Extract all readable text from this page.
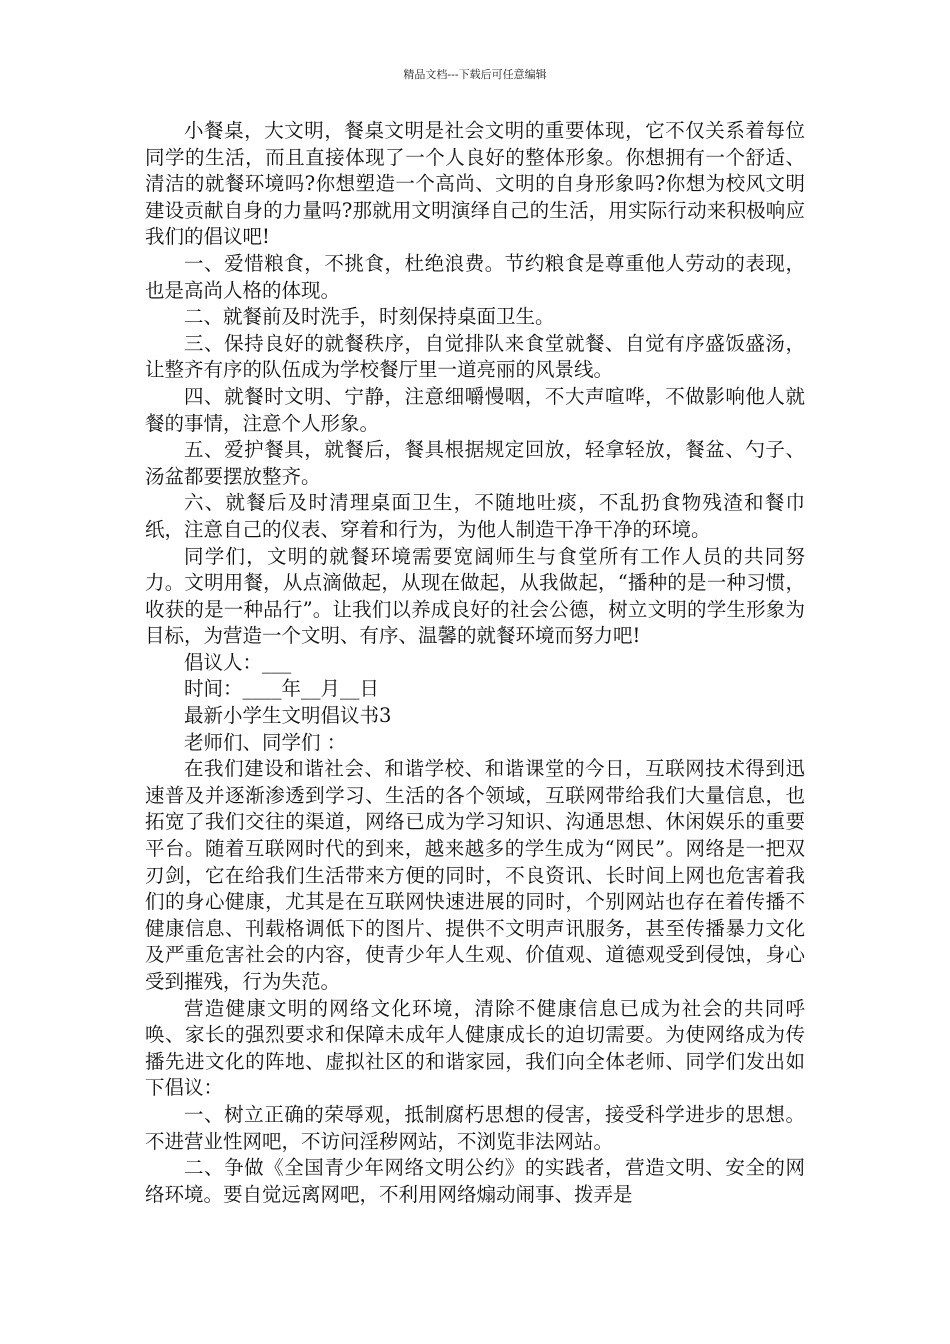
精品文档---下载后可任意编辑

小餐桌，大文明，餐桌文明是社会文明的重要体现，它不仅关系着每位同学的生活，而且直接体现了一个人良好的整体形象。你想拥有一个舒适、清洁的就餐环境吗?你想塑造一个高尚、文明的自身形象吗?你想为校风文明建设贡献自身的力量吗?那就用文明演绎自己的生活，用实际行动来积极响应我们的倡议吧!

一、爱惜粮食，不挑食，杜绝浪费。节约粮食是尊重他人劳动的表现，也是高尚人格的体现。

二、就餐前及时洗手，时刻保持桌面卫生。

三、保持良好的就餐秩序，自觉排队来食堂就餐、自觉有序盛饭盛汤，让整齐有序的队伍成为学校餐厅里一道亮丽的风景线。

四、就餐时文明、宁静，注意细嚼慢咽，不大声喧哗，不做影响他人就餐的事情，注意个人形象。

五、爱护餐具，就餐后，餐具根据规定回放，轻拿轻放，餐盆、勺子、汤盆都要摆放整齐。

六、就餐后及时清理桌面卫生，不随地吐痰，不乱扔食物残渣和餐巾纸，注意自己的仪表、穿着和行为，为他人制造干净干净的环境。

同学们，文明的就餐环境需要宽阔师生与食堂所有工作人员的共同努力。文明用餐，从点滴做起，从现在做起，从我做起，“播种的是一种习惯，收获的是一种品行”。让我们以养成良好的社会公德，树立文明的学生形象为目标，为营造一个文明、有序、温馨的就餐环境而努力吧!

倡议人：___

时间：____年__月__日

最新小学生文明倡议书3

老师们、同学们 ：

在我们建设和谐社会、和谐学校、和谐课堂的今日，互联网技术得到迅速普及并逐渐渗透到学习、生活的各个领域，互联网带给我们大量信息，也拓宽了我们交往的渠道，网络已成为学习知识、沟通思想、休闲娱乐的重要平台。随着互联网时代的到来，越来越多的学生成为“网民”。网络是一把双刃剑，它在给我们生活带来方便的同时，不良资讯、长时间上网也危害着我们的身心健康，尤其是在互联网快速进展的同时，个别网站也存在着传播不健康信息、刊载格调低下的图片、提供不文明声讯服务，甚至传播暴力文化及严重危害社会的内容，使青少年人生观、价值观、道德观受到侵蚀，身心受到摧残，行为失范。

营造健康文明的网络文化环境，清除不健康信息已成为社会的共同呼唤、家长的强烈要求和保障未成年人健康成长的迫切需要。为使网络成为传播先进文化的阵地、虚拟社区的和谐家园，我们向全体老师、同学们发出如下倡议：

一、树立正确的荣辱观，抵制腐朽思想的侵害，接受科学进步的思想。不进营业性网吧，不访问淫秽网站，不浏览非法网站。

二、争做《全国青少年网络文明公约》的实践者，营造文明、安全的网络环境。要自觉远离网吧，不利用网络煽动闹事、拨弄是
